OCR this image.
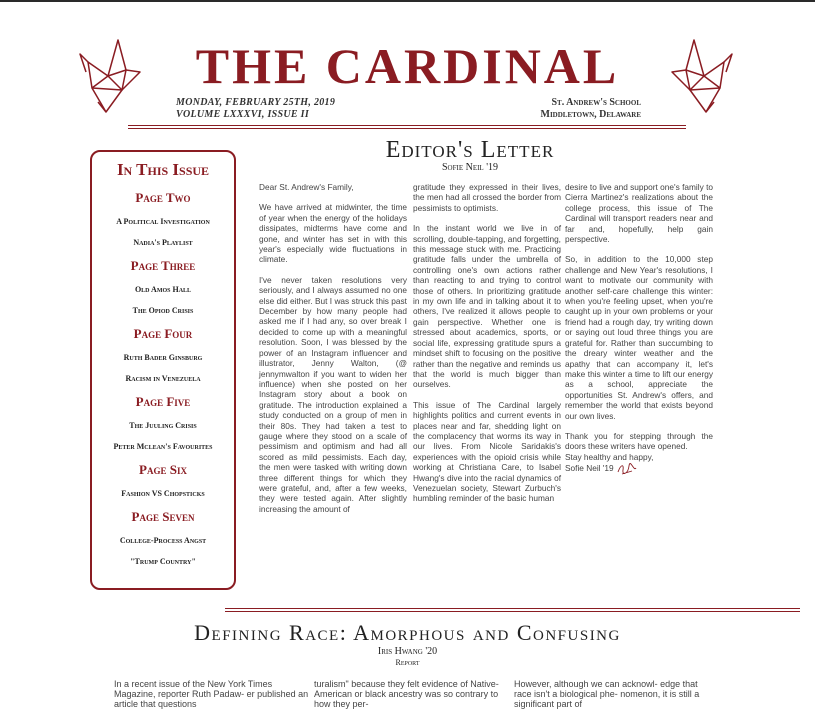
THE CARDINAL
MONDAY, FEBRUARY 25TH, 2019
VOLUME LXXXVI, ISSUE II
St. Andrew's School
Middletown, Delaware
In This Issue
Page Two
A Political Investigation
Nadia's Playlist
Page Three
Old Amos Hall
The Opiod Crisis
Page Four
Ruth Bader Ginsburg
Racism in Venezuela
Page Five
The Juuling Crisis
Peter Mclean's Favourites
Page Six
Fashion VS Chopsticks
Page Seven
College-Process Angst
"Trump Country"
Editor's Letter
Sofie Neil '19

Dear St. Andrew's Family,

We have arrived at midwinter, the time of year when the energy of the holidays dissipates, midterms have come and gone, and winter has set in with this year's especially wide fluctuations in climate.

I've never taken resolutions very seriously, and I always assumed no one else did either. But I was struck this past December by how many people had asked me if I had any, so over break I decided to come up with a meaningful resolution. Soon, I was blessed by the power of an Instagram influencer and illustrator, Jenny Walton, (@ jennymwalton if you want to widen her influence) when she posted on her Instagram story about a book on gratitude. The introduction explained a study conducted on a group of men in their 80s. They had taken a test to gauge where they stood on a scale of pessimism and optimism and had all scored as mild pessimists. Each day, the men were tasked with writing down three different things for which they were grateful, and, after a few weeks, they were tested again. After slightly increasing the amount of

gratitude they expressed in their lives, the men had all crossed the border from pessimists to optimists.

In the instant world we live in of scrolling, double-tapping, and forgetting, this message stuck with me. Practicing gratitude falls under the umbrella of controlling one's own actions rather than reacting to and trying to control those of others. In prioritizing gratitude in my own life and in talking about it to others, I've realized it allows people to gain perspective. Whether one is stressed about academics, sports, or social life, expressing gratitude spurs a mindset shift to focusing on the positive rather than the negative and reminds us that the world is much bigger than ourselves.

This issue of The Cardinal largely highlights politics and current events in places near and far, shedding light on the complacency that worms its way in our lives. From Nicole Saridakis's experiences with the opioid crisis while working at Christiana Care, to Isabel Hwang's dive into the racial dynamics of Venezuelan society, Stewart Zurbuch's humbling reminder of the basic human

desire to live and support one's family to Cierra Martinez's realizations about the college process, this issue of The Cardinal will transport readers near and far and, hopefully, help gain perspective.

So, in addition to the 10,000 step challenge and New Year's resolutions, I want to motivate our community with another self-care challenge this winter: when you're feeling upset, when you're caught up in your own problems or your friend had a rough day, try writing down or saying out loud three things you are grateful for. Rather than succumbing to the dreary winter weather and the apathy that can accompany it, let's make this winter a time to lift our energy as a school, appreciate the opportunities St. Andrew's offers, and remember the world that exists beyond our own lives.

Thank you for stepping through the doors these writers have opened.

Stay healthy and happy,
Sofie Neil '19
Defining Race: Amorphous and Confusing
Iris Hwang '20
Report
In a recent issue of the New York Times Magazine, reporter Ruth Padaw- er published an article that questions
turalism" because they felt evidence of Native-American or black ancestry was so contrary to how they per-
However, although we can acknowl- edge that race isn't a biological phe- nomenon, it is still a significant part of
